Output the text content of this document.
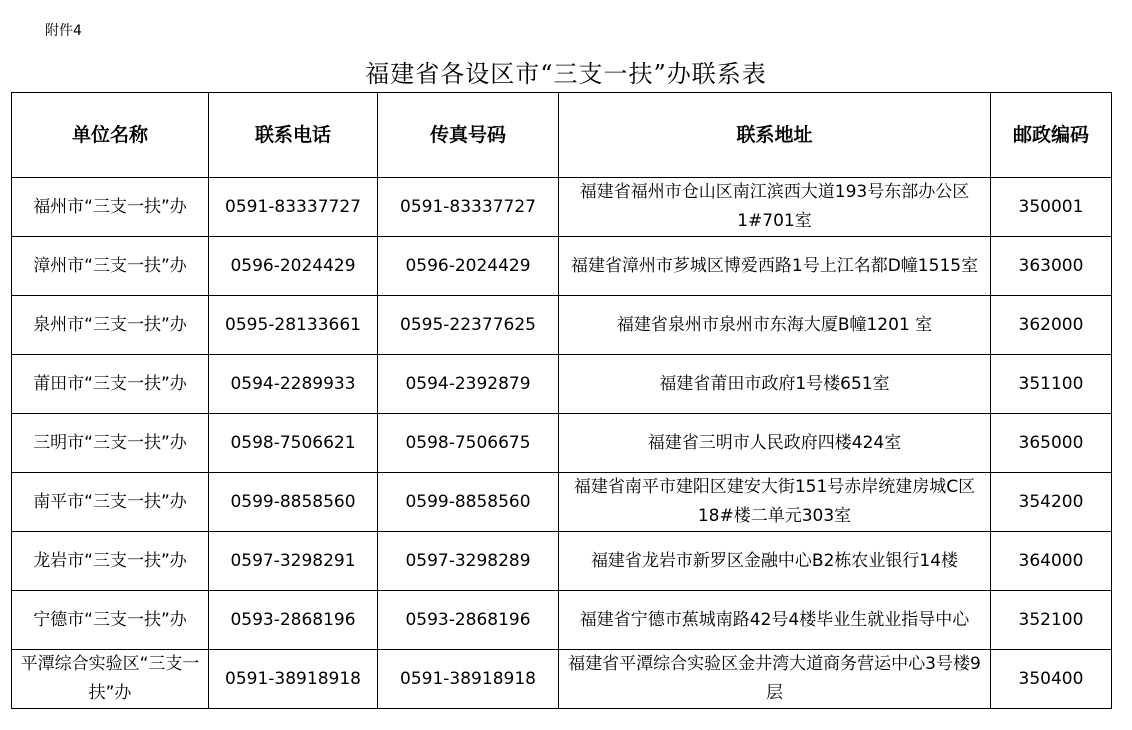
附件4
福建省各设区市“三支一扶”办联系表
单位名称	联系电话	传真号码	联系地址	邮政编码
福州市“三支一扶”办	0591-83337727	0591-83337727	福建省福州市仓山区南江滨西大道193号东部办公区1#701室	350001
漳州市“三支一扶”办	0596-2024429	0596-2024429	福建省漳州市芗城区博爱西路1号上江名都D幢1515室	363000
泉州市“三支一扶”办	0595-28133661	0595-22377625	福建省泉州市泉州市东海大厦B幢1201 室	362000
莆田市“三支一扶”办	0594-2289933	0594-2392879	福建省莆田市政府1号楼651室	351100
三明市“三支一扶”办	0598-7506621	0598-7506675	福建省三明市人民政府四楼424室	365000
南平市“三支一扶”办	0599-8858560	0599-8858560	福建省南平市建阳区建安大街151号赤岸统建房城C区18#楼二单元303室	354200
龙岩市“三支一扶”办	0597-3298291	0597-3298289	福建省龙岩市新罗区金融中心B2栋农业银行14楼	364000
宁德市“三支一扶”办	0593-2868196	0593-2868196	福建省宁德市蕉城南路42号4楼毕业生就业指导中心	352100
平潭综合实验区“三支一扶”办	0591-38918918	0591-38918918	福建省平潭综合实验区金井湾大道商务营运中心3号楼9层	350400
